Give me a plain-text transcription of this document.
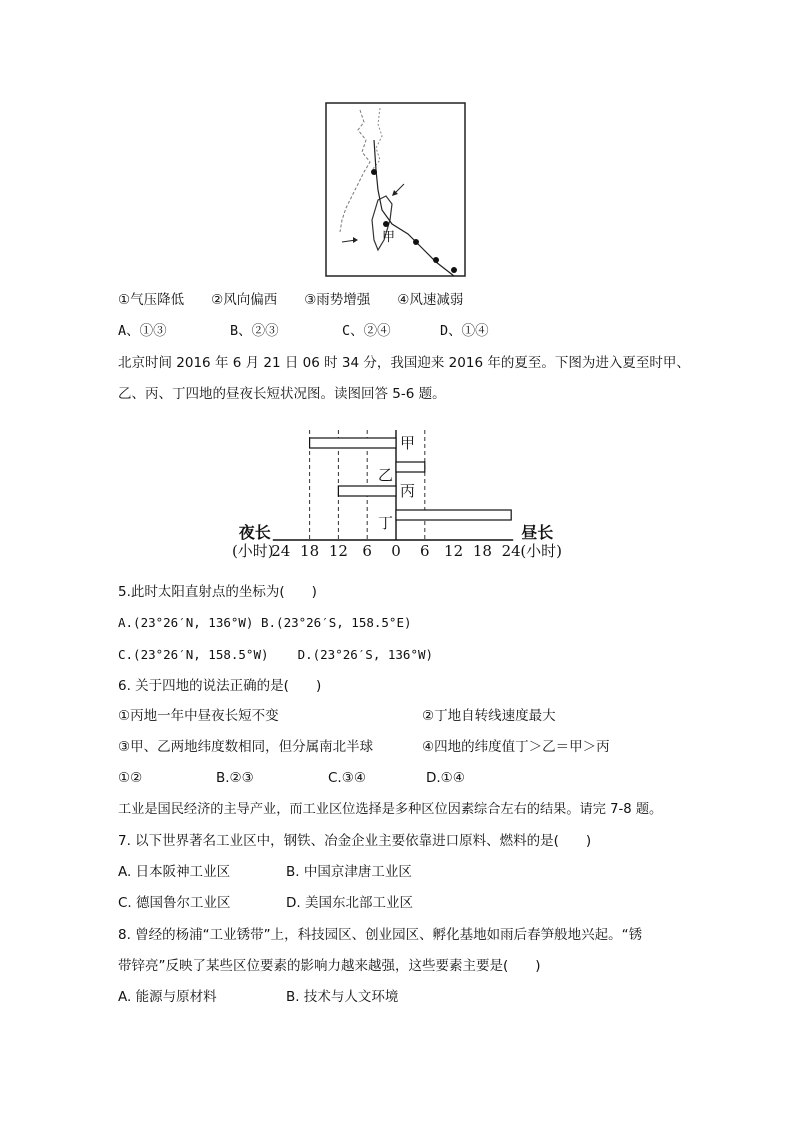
甲
①气压降低　　②风向偏西　　③雨势增强　　④风速减弱
A、①③	B、②③	C、②④	D、①④
北京时间 2016 年 6 月 21 日 06 时 34 分，我国迎来 2016 年的夏至。下图为进入夏至时甲、
乙、丙、丁四地的昼夜长短状况图。读图回答 5-6 题。
甲
乙
丙
丁
24 18 12 6 0 6 12 18 24
夜长
(小时)
昼长
(小时)
5.此时太阳直射点的坐标为(　　)
A.(23°26′N, 136°W) B.(23°26′S, 158.5°E)
C.(23°26′N, 158.5°W) D.(23°26′S, 136°W)
6. 关于四地的说法正确的是(　　)
①丙地一年中昼夜长短不变	②丁地自转线速度最大
③甲、乙两地纬度数相同，但分属南北半球	④四地的纬度值丁＞乙＝甲＞丙
①②	B.②③	C.③④	D.①④
工业是国民经济的主导产业，而工业区位选择是多种区位因素综合左右的结果。请完 7-8 题。
7. 以下世界著名工业区中，钢铁、冶金企业主要依靠进口原料、燃料的是(　　)
A. 日本阪神工业区	B. 中国京津唐工业区
C. 德国鲁尔工业区	D. 美国东北部工业区
8. 曾经的杨浦“工业锈带”上，科技园区、创业园区、孵化基地如雨后春笋般地兴起。“锈
带锌亮”反映了某些区位要素的影响力越来越强，这些要素主要是(　　)
A. 能源与原材料	B. 技术与人文环境
